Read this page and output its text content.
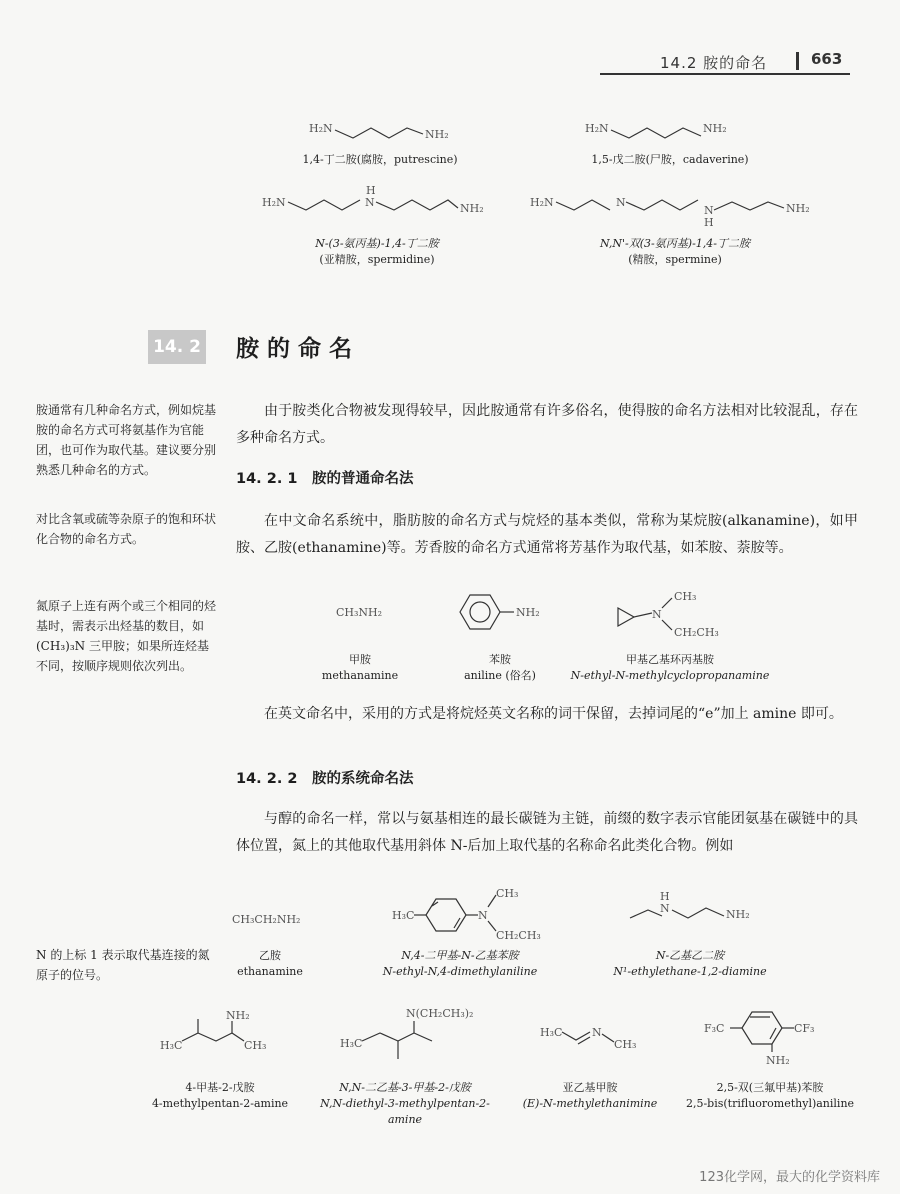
14.2 胺的命名	663
H₂N	NH₂
1,4-丁二胺(腐胺，putrescine)
H₂N	NH₂
1,5-戊二胺(尸胺，cadaverine)
H₂N
H
N	NH₂
N-(3-氨丙基)-1,4-丁二胺
(亚精胺，spermidine)
H₂N	N
N
H
NH₂
N,N'-双(3-氨丙基)-1,4-丁二胺
(精胺，spermine)
14. 2 胺的命名
胺通常有几种命名方式，例如烷基胺的命名方式可将氨基作为官能团，也可作为取代基。建议要分别熟悉几种命名的方式。
对比含氧或硫等杂原子的饱和环状化合物的命名方式。
氮原子上连有两个或三个相同的烃基时，需表示出烃基的数目，如(CH₃)₃N 三甲胺；如果所连烃基不同，按顺序规则依次列出。
N 的上标 1 表示取代基连接的氮原子的位号。
由于胺类化合物被发现得较早，因此胺通常有许多俗名，使得胺的命名方法相对比较混乱，存在多种命名方式。
14. 2. 1 胺的普通命名法
在中文命名系统中，脂肪胺的命名方式与烷烃的基本类似，常称为某烷胺(alkanamine)，如甲胺、乙胺(ethanamine)等。芳香胺的命名方式通常将芳基作为取代基，如苯胺、萘胺等。
CH₃NH₂
甲胺
methanamine
NH₂
苯胺
aniline (俗名)
N
CH₃
CH₂CH₃
甲基乙基环丙基胺
N-ethyl-N-methylcyclopropanamine
在英文命名中，采用的方式是将烷烃英文名称的词干保留，去掉词尾的“e”加上 amine 即可。
14. 2. 2 胺的系统命名法
与醇的命名一样，常以与氨基相连的最长碳链为主链，前缀的数字表示官能团氨基在碳链中的具体位置，氮上的其他取代基用斜体 N-后加上取代基的名称命名此类化合物。例如
CH₃CH₂NH₂
乙胺
ethanamine
H₃C	N
CH₃
CH₂CH₃
N,4-二甲基-N-乙基苯胺
N-ethyl-N,4-dimethylaniline
H
N	NH₂
N-乙基乙二胺
N¹-ethylethane-1,2-diamine
H₃C
NH₂
CH₃
4-甲基-2-戊胺
4-methylpentan-2-amine
N(CH₂CH₃)₂
H₃C
N,N-二乙基-3-甲基-2-戊胺
N,N-diethyl-3-methylpentan-2-amine
H₃C	N
CH₃
亚乙基甲胺
(E)-N-methylethanimine
F₃C	CF₃
NH₂
2,5-双(三氟甲基)苯胺
2,5-bis(trifluoromethyl)aniline
123化学网，最大的化学资料库
